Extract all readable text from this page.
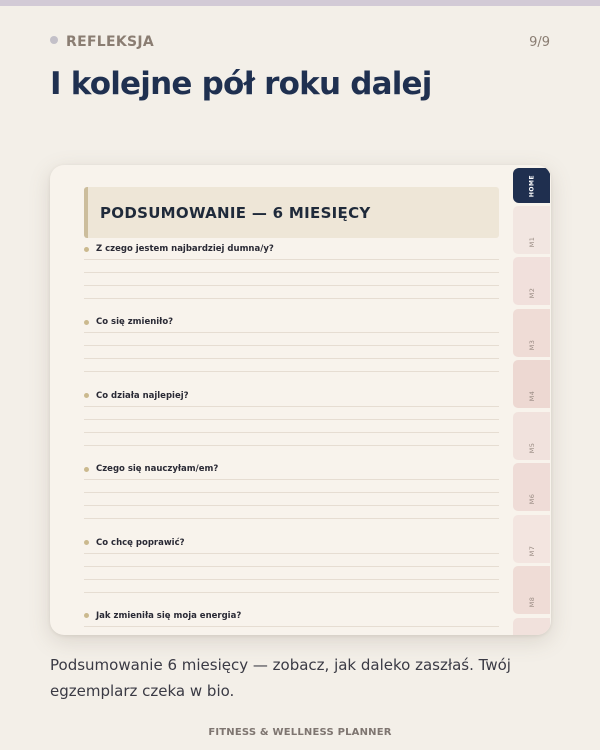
REFLEKSJA	9/9
I kolejne pół roku dalej
PODSUMOWANIE — 6 MIESIĘCY
Z czego jestem najbardziej dumna/y?
Co się zmieniło?
Co działa najlepiej?
Czego się nauczyłam/em?
Co chcę poprawić?
Jak zmieniła się moja energia?
HOME
M1
M2
M3
M4
M5
M6
M7
M8

Podsumowanie 6 miesięcy — zobacz, jak daleko zaszłaś. Twój egzemplarz czeka w bio.

FITNESS & WELLNESS PLANNER
